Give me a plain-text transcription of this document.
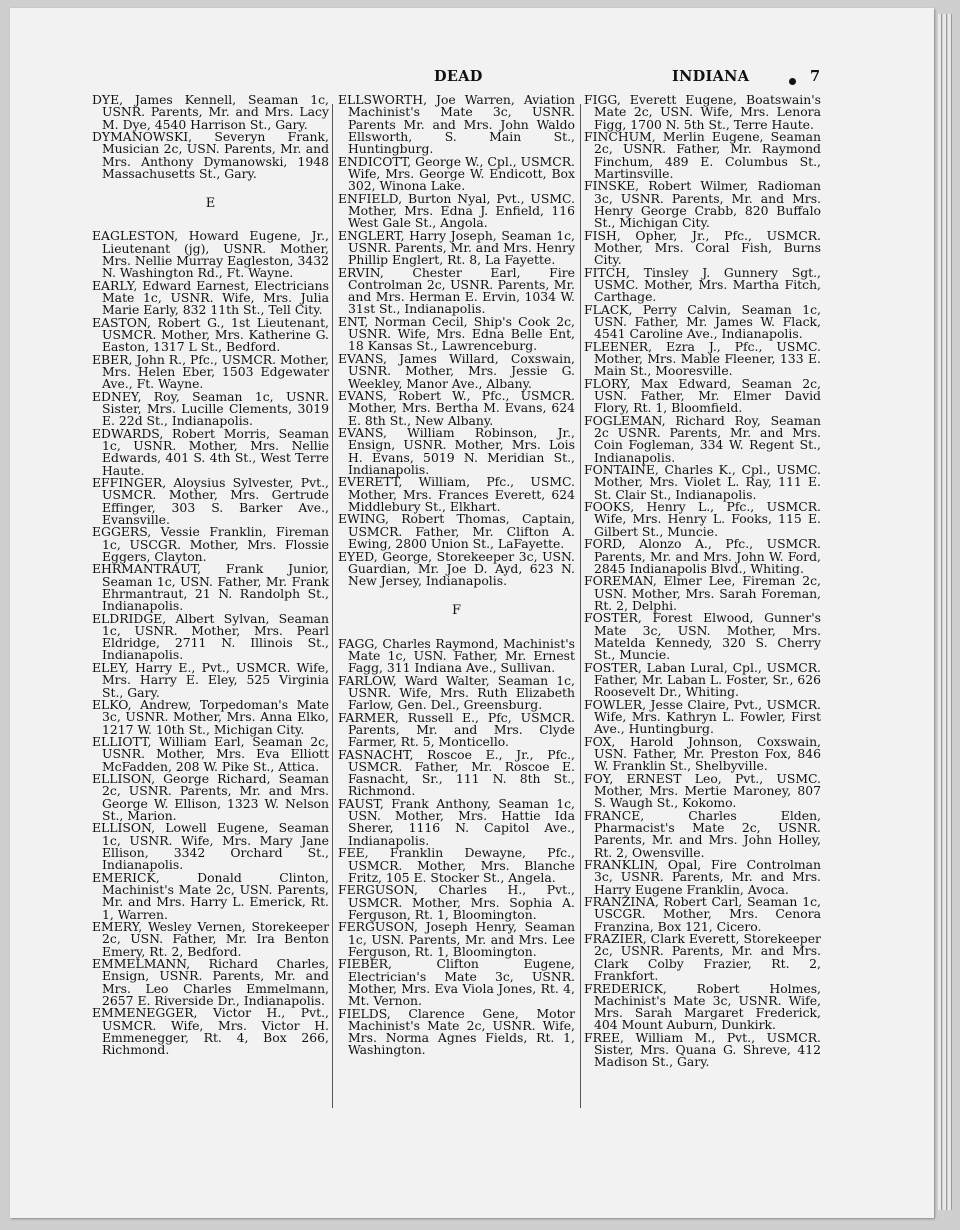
DEAD	INDIANA	7
DYE, James Kennell, Seaman 1c, USNR. Parents, Mr. and Mrs. Lacy M. Dye, 4540 Harrison St., Gary.
DYMANOWSKI, Severyn Frank, Musician 2c, USN. Parents, Mr. and Mrs. Anthony Dymanowski, 1948 Massachusetts St., Gary.
E
EAGLESTON, Howard Eugene, Jr., Lieutenant (jg), USNR. Mother, Mrs. Nellie Murray Eagleston, 3432 N. Washington Rd., Ft. Wayne.
EARLY, Edward Earnest, Electricians Mate 1c, USNR. Wife, Mrs. Julia Marie Early, 832 11th St., Tell City.
EASTON, Robert G., 1st Lieutenant, USMCR. Mother, Mrs. Katherine G. Easton, 1317 L St., Bedford.
EBER, John R., Pfc., USMCR. Mother, Mrs. Helen Eber, 1503 Edgewater Ave., Ft. Wayne.
EDNEY, Roy, Seaman 1c, USNR. Sister, Mrs. Lucille Clements, 3019 E. 22d St., Indianapolis.
EDWARDS, Robert Morris, Seaman 1c, USNR. Mother, Mrs. Nellie Edwards, 401 S. 4th St., West Terre Haute.
EFFINGER, Aloysius Sylvester, Pvt., USMCR. Mother, Mrs. Gertrude Effinger, 303 S. Barker Ave., Evansville.
EGGERS, Vessie Franklin, Fireman 1c, USCGR. Mother, Mrs. Flossie Eggers, Clayton.
EHRMANTRAUT, Frank Junior, Seaman 1c, USN. Father, Mr. Frank Ehrmantraut, 21 N. Randolph St., Indianapolis.
ELDRIDGE, Albert Sylvan, Seaman 1c, USNR. Mother, Mrs. Pearl Eldridge, 2711 N. Illinois St., Indianapolis.
ELEY, Harry E., Pvt., USMCR. Wife, Mrs. Harry E. Eley, 525 Virginia St., Gary.
ELKO, Andrew, Torpedoman's Mate 3c, USNR. Mother, Mrs. Anna Elko, 1217 W. 10th St., Michigan City.
ELLIOTT, William Earl, Seaman 2c, USNR. Mother, Mrs. Eva Elliott McFadden, 208 W. Pike St., Attica.
ELLISON, George Richard, Seaman 2c, USNR. Parents, Mr. and Mrs. George W. Ellison, 1323 W. Nelson St., Marion.
ELLISON, Lowell Eugene, Seaman 1c, USNR. Wife, Mrs. Mary Jane Ellison, 3342 Orchard St., Indianapolis.
EMERICK, Donald Clinton, Machinist's Mate 2c, USN. Parents, Mr. and Mrs. Harry L. Emerick, Rt. 1, Warren.
EMERY, Wesley Vernen, Storekeeper 2c, USN. Father, Mr. Ira Benton Emery, Rt. 2, Bedford.
EMMELMANN, Richard Charles, Ensign, USNR. Parents, Mr. and Mrs. Leo Charles Emmelmann, 2657 E. Riverside Dr., Indianapolis.
EMMENEGGER, Victor H., Pvt., USMCR. Wife, Mrs. Victor H. Emmenegger, Rt. 4, Box 266, Richmond.
ELLSWORTH, Joe Warren, Aviation Machinist's Mate 3c, USNR. Parents Mr. and Mrs. John Waldo Ellsworth, S. Main St., Huntingburg.
ENDICOTT, George W., Cpl., USMCR. Wife, Mrs. George W. Endicott, Box 302, Winona Lake.
ENFIELD, Burton Nyal, Pvt., USMC. Mother, Mrs. Edna J. Enfield, 116 West Gale St., Angola.
ENGLERT, Harry Joseph, Seaman 1c, USNR. Parents, Mr. and Mrs. Henry Phillip Englert, Rt. 8, La Fayette.
ERVIN, Chester Earl, Fire Controlman 2c, USNR. Parents, Mr. and Mrs. Herman E. Ervin, 1034 W. 31st St., Indianapolis.
ENT, Norman Cecil, Ship's Cook 2c, USNR. Wife, Mrs. Edna Belle Ent, 18 Kansas St., Lawrenceburg.
EVANS, James Willard, Coxswain, USNR. Mother, Mrs. Jessie G. Weekley, Manor Ave., Albany.
EVANS, Robert W., Pfc., USMCR. Mother, Mrs. Bertha M. Evans, 624 E. 8th St., New Albany.
EVANS, William Robinson, Jr., Ensign, USNR. Mother, Mrs. Lois H. Evans, 5019 N. Meridian St., Indianapolis.
EVERETT, William, Pfc., USMC. Mother, Mrs. Frances Everett, 624 Middlebury St., Elkhart.
EWING, Robert Thomas, Captain, USMCR. Father, Mr. Clifton A. Ewing, 2800 Union St., LaFayette.
EYED, George, Storekeeper 3c, USN. Guardian, Mr. Joe D. Ayd, 623 N. New Jersey, Indianapolis.
F
FAGG, Charles Raymond, Machinist's Mate 1c, USN. Father, Mr. Ernest Fagg, 311 Indiana Ave., Sullivan.
FARLOW, Ward Walter, Seaman 1c, USNR. Wife, Mrs. Ruth Elizabeth Farlow, Gen. Del., Greensburg.
FARMER, Russell E., Pfc, USMCR. Parents, Mr. and Mrs. Clyde Farmer, Rt. 5, Monticello.
FASNACHT, Roscoe E., Jr., Pfc., USMCR. Father, Mr. Roscoe E. Fasnacht, Sr., 111 N. 8th St., Richmond.
FAUST, Frank Anthony, Seaman 1c, USN. Mother, Mrs. Hattie Ida Sherer, 1116 N. Capitol Ave., Indianapolis.
FEE, Franklin Dewayne, Pfc., USMCR. Mother, Mrs. Blanche Fritz, 105 E. Stocker St., Angela.
FERGUSON, Charles H., Pvt., USMCR. Mother, Mrs. Sophia A. Ferguson, Rt. 1, Bloomington.
FERGUSON, Joseph Henry, Seaman 1c, USN. Parents, Mr. and Mrs. Lee Ferguson, Rt. 1, Bloomington.
FIEBER, Clifton Eugene, Electrician's Mate 3c, USNR. Mother, Mrs. Eva Viola Jones, Rt. 4, Mt. Vernon.
FIELDS, Clarence Gene, Motor Machinist's Mate 2c, USNR. Wife, Mrs. Norma Agnes Fields, Rt. 1, Washington.
FIGG, Everett Eugene, Boatswain's Mate 2c, USN. Wife, Mrs. Lenora Figg, 1700 N. 5th St., Terre Haute.
FINCHUM, Merlin Eugene, Seaman 2c, USNR. Father, Mr. Raymond Finchum, 489 E. Columbus St., Martinsville.
FINSKE, Robert Wilmer, Radioman 3c, USNR. Parents, Mr. and Mrs. Henry George Crabb, 820 Buffalo St., Michigan City.
FISH, Opher, Jr., Pfc., USMCR. Mother, Mrs. Coral Fish, Burns City.
FITCH, Tinsley J. Gunnery Sgt., USMC. Mother, Mrs. Martha Fitch, Carthage.
FLACK, Perry Calvin, Seaman 1c, USN. Father, Mr. James W. Flack, 4541 Caroline Ave., Indianapolis.
FLEENER, Ezra J., Pfc., USMC. Mother, Mrs. Mable Fleener, 133 E. Main St., Mooresville.
FLORY, Max Edward, Seaman 2c, USN. Father, Mr. Elmer David Flory, Rt. 1, Bloomfield.
FOGLEMAN, Richard Roy, Seaman 2c USNR. Parents, Mr. and Mrs. Coin Fogleman, 334 W. Regent St., Indianapolis.
FONTAINE, Charles K., Cpl., USMC. Mother, Mrs. Violet L. Ray, 111 E. St. Clair St., Indianapolis.
FOOKS, Henry L., Pfc., USMCR. Wife, Mrs. Henry L. Fooks, 115 E. Gilbert St., Muncie.
FORD, Alonzo A., Pfc., USMCR. Parents, Mr. and Mrs. John W. Ford, 2845 Indianapolis Blvd., Whiting.
FOREMAN, Elmer Lee, Fireman 2c, USN. Mother, Mrs. Sarah Foreman, Rt. 2, Delphi.
FOSTER, Forest Elwood, Gunner's Mate 3c, USN. Mother, Mrs. Matelda Kennedy, 320 S. Cherry St., Muncie.
FOSTER, Laban Lural, Cpl., USMCR. Father, Mr. Laban L. Foster, Sr., 626 Roosevelt Dr., Whiting.
FOWLER, Jesse Claire, Pvt., USMCR. Wife, Mrs. Kathryn L. Fowler, First Ave., Huntingburg.
FOX, Harold Johnson, Coxswain, USN. Father, Mr. Preston Fox, 846 W. Franklin St., Shelbyville.
FOY, ERNEST Leo, Pvt., USMC. Mother, Mrs. Mertie Maroney, 807 S. Waugh St., Kokomo.
FRANCE, Charles Elden, Pharmacist's Mate 2c, USNR. Parents, Mr. and Mrs. John Holley, Rt. 2, Owensville.
FRANKLIN, Opal, Fire Controlman 3c, USNR. Parents, Mr. and Mrs. Harry Eugene Franklin, Avoca.
FRANZINA, Robert Carl, Seaman 1c, USCGR. Mother, Mrs. Cenora Franzina, Box 121, Cicero.
FRAZIER, Clark Everett, Storekeeper 2c, USNR. Parents, Mr. and Mrs. Clark Colby Frazier, Rt. 2, Frankfort.
FREDERICK, Robert Holmes, Machinist's Mate 3c, USNR. Wife, Mrs. Sarah Margaret Frederick, 404 Mount Auburn, Dunkirk.
FREE, William M., Pvt., USMCR. Sister, Mrs. Quana G. Shreve, 412 Madison St., Gary.
